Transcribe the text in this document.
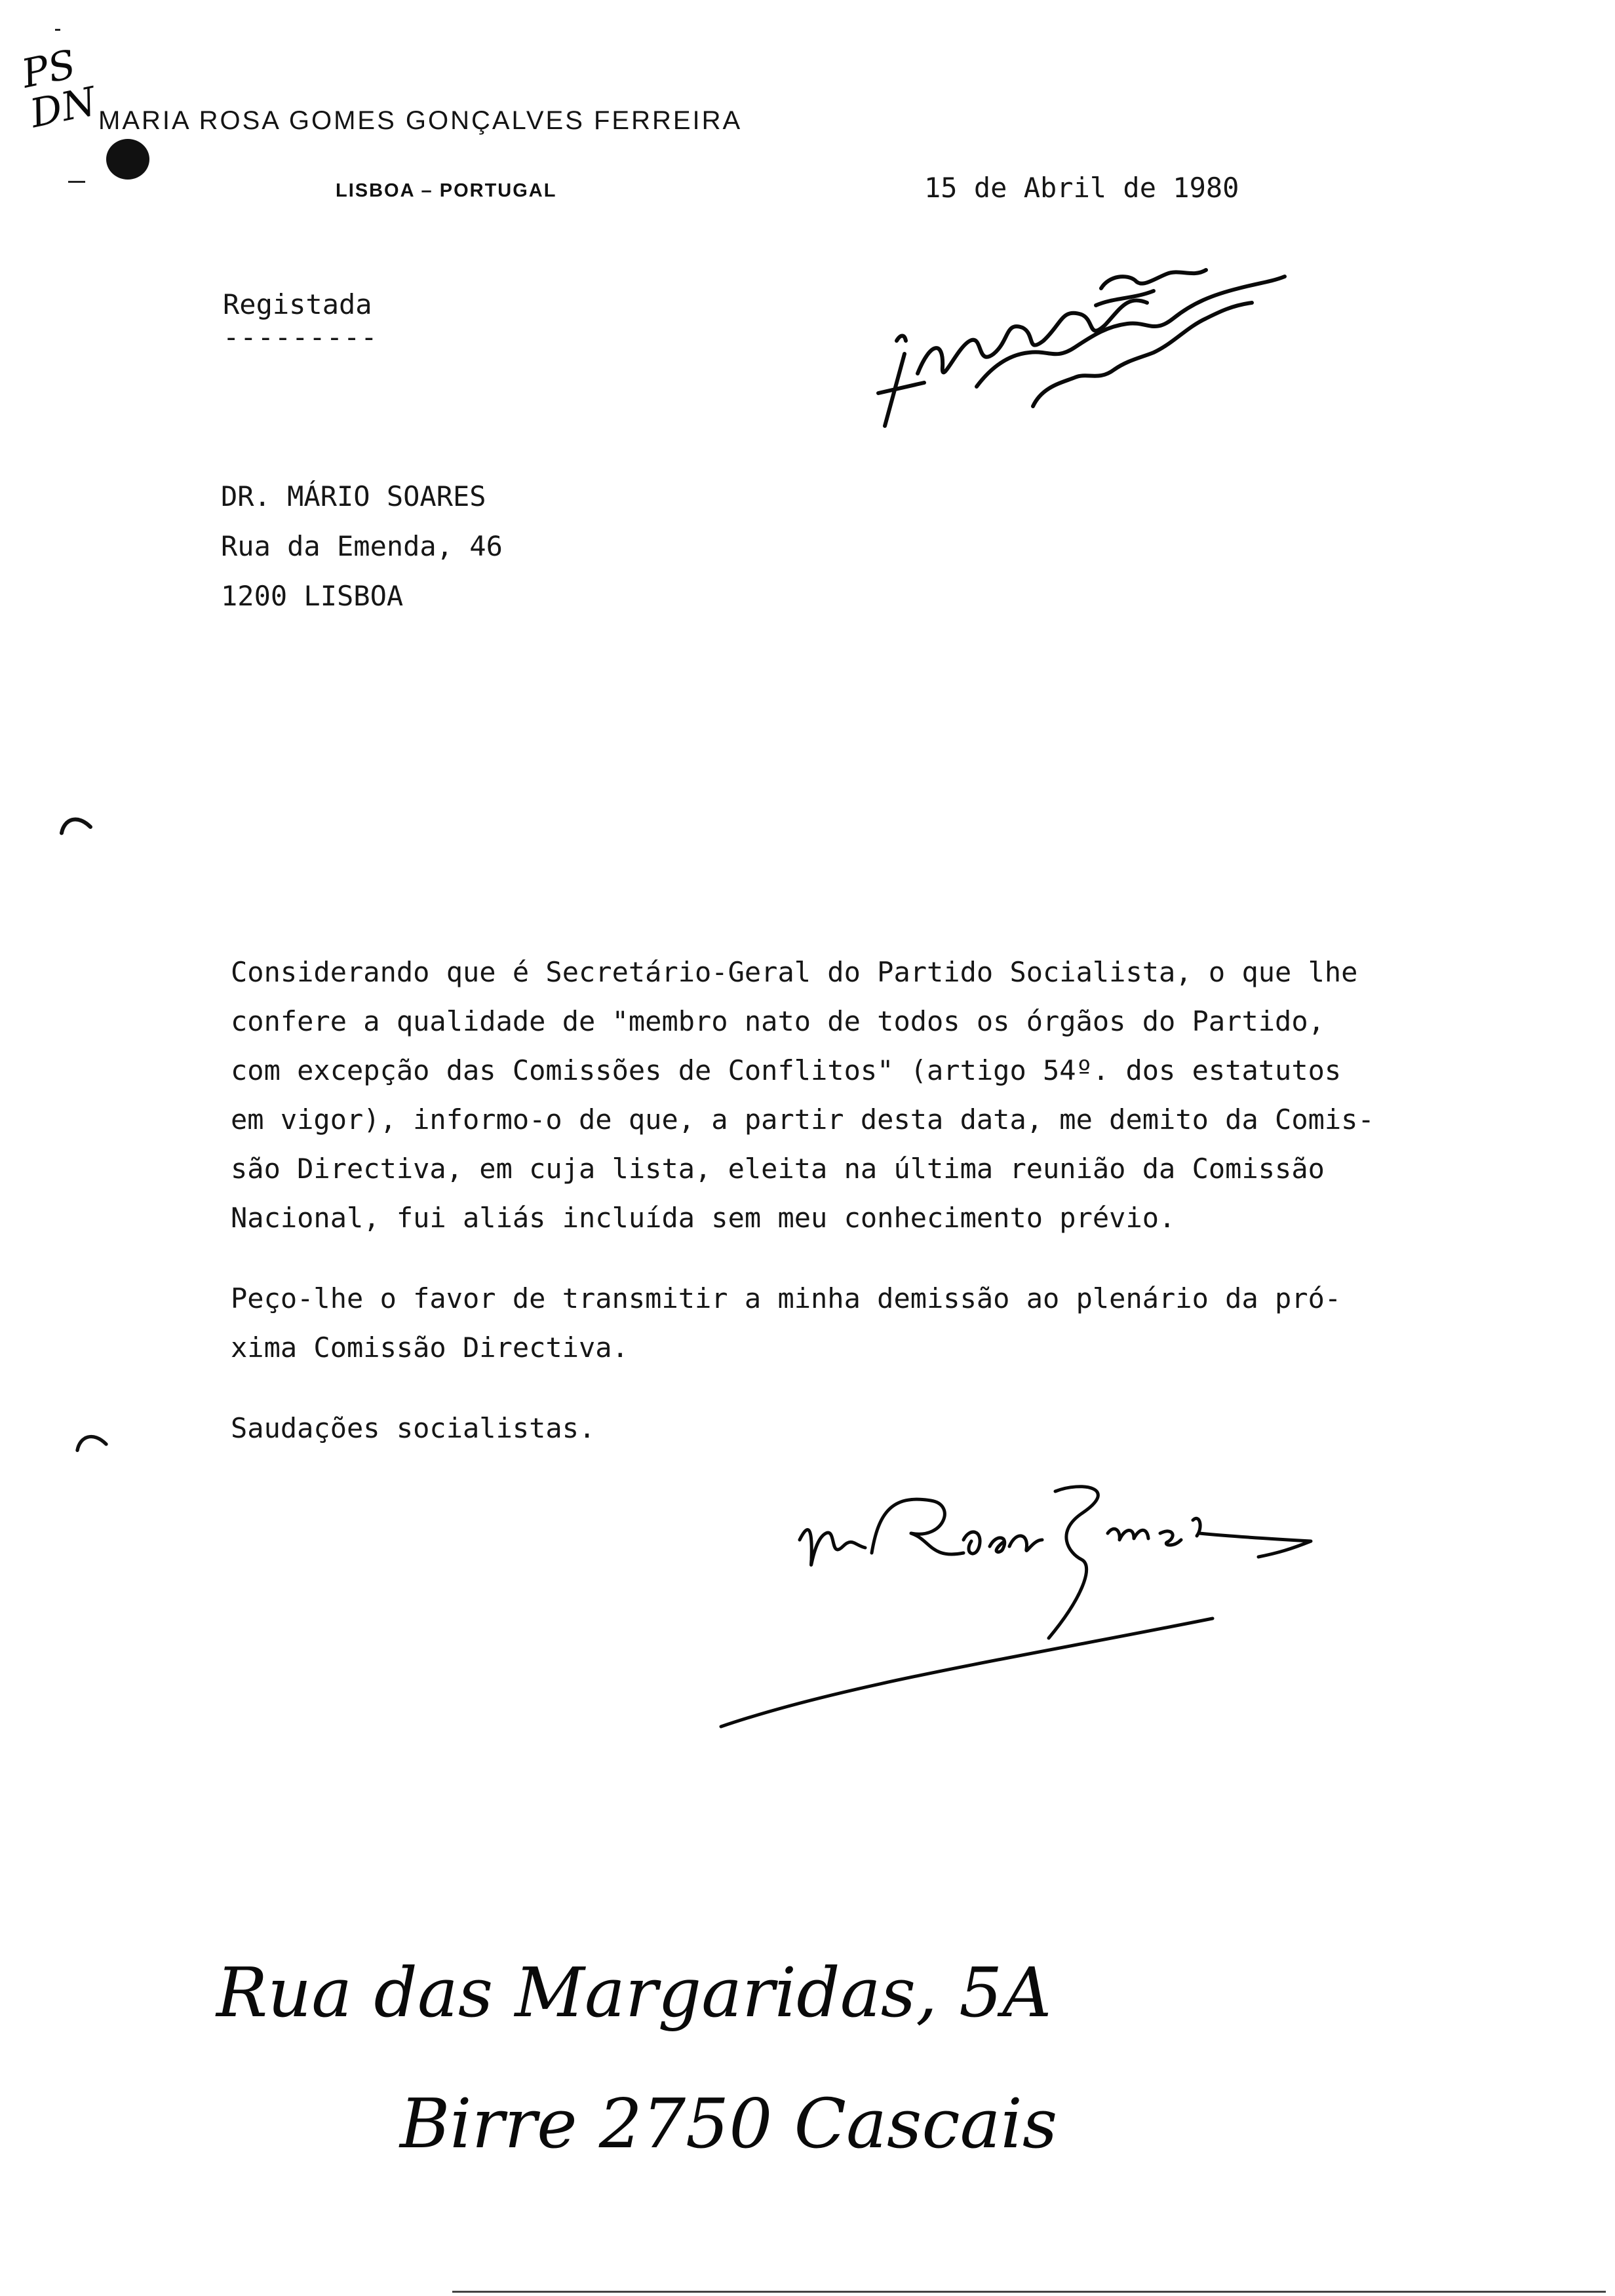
PS
DN
MARIA ROSA GOMES GONÇALVES FERREIRA
LISBOA – PORTUGAL	15 de Abril de 1980
Registada
---------
DR. MÁRIO SOARES
Rua da Emenda, 46
1200 LISBOA
Considerando que é Secretário-Geral do Partido Socialista, o que lhe
confere a qualidade de "membro nato de todos os órgãos do Partido,
com excepção das Comissões de Conflitos" (artigo 54º. dos estatutos
em vigor), informo-o de que, a partir desta data, me demito da Comis-
são Directiva, em cuja lista, eleita na última reunião da Comissão
Nacional, fui aliás incluída sem meu conhecimento prévio.
Peço-lhe o favor de transmitir a minha demissão ao plenário da pró-
xima Comissão Directiva.
Saudações socialistas.
Rua das Margaridas, 5A
Birre 2750 Cascais
